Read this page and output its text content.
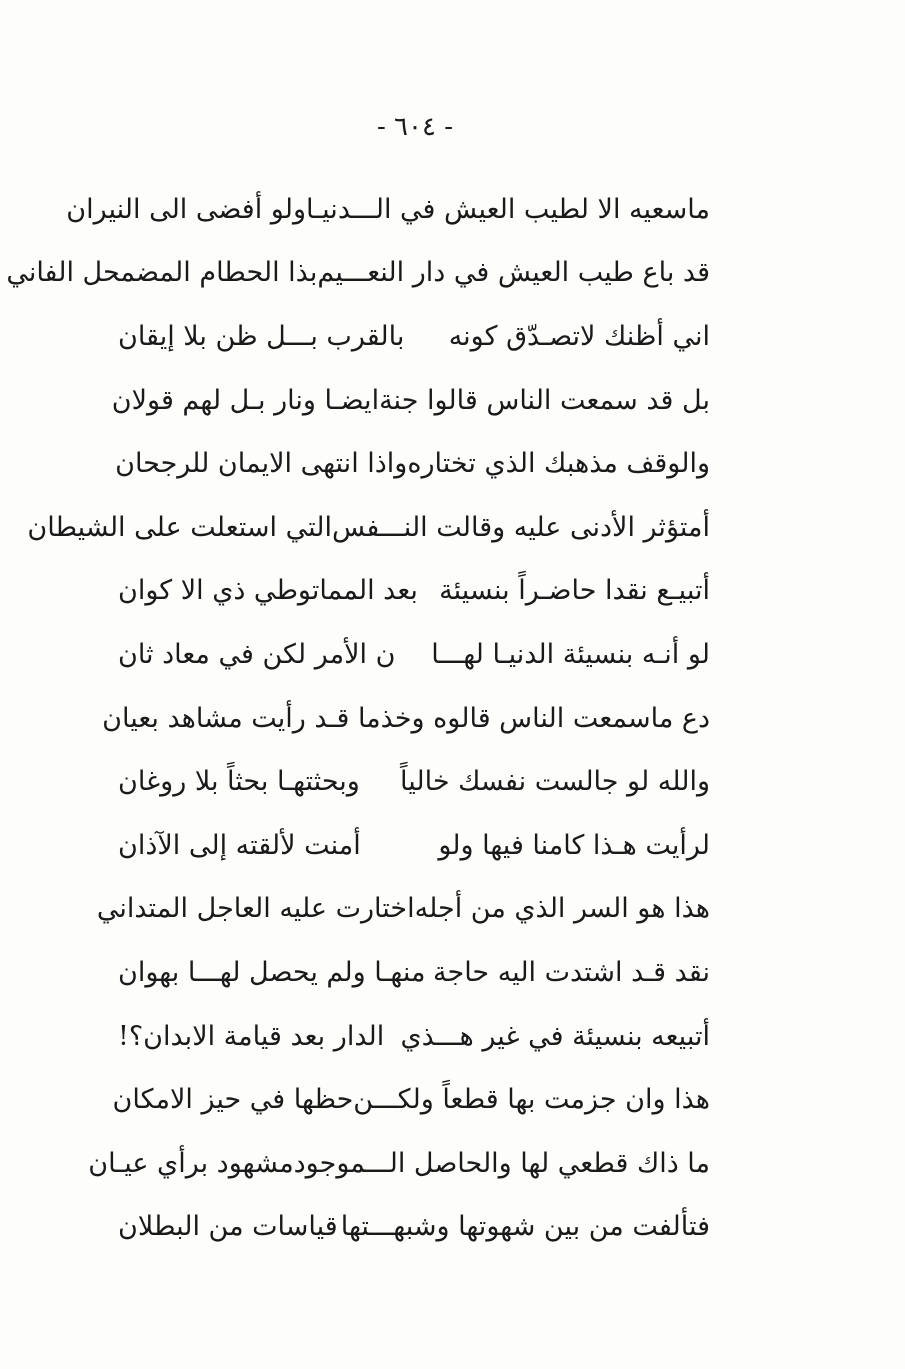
- ٦٠٤ -
ماسعيه الا لطيب العيش في الـــدنيـا
ولو أفضى الى النيران
قد باع طيب العيش في دار النعـــيم
بذا الحطام المضمحل الفاني
اني أظنك لاتصـدّق كونه
بالقرب بـــل ظن بلا إيقان
بل قد سمعت الناس قالوا جنة
ايضـا ونار بـل لهم قولان
والوقف مذهبك الذي تختاره
واذا انتهى الايمان للرجحان
أمتؤثر الأدنى عليه وقالت النـــفس
التي استعلت على الشيطان
أتبيـع نقدا حاضـراً بنسيئة
بعد المماتوطي ذي الا كوان
لو أنـه بنسيئة الدنيـا لهـــا
ن الأمر لكن في معاد ثان
دع ماسمعت الناس قالوه وخذ
ما قـد رأيت مشاهد بعيان
والله لو جالست نفسك خالياً
وبحثتهـا بحثاً بلا روغان
لرأيت هـذا كامنا فيها ولو
أمنت لألقته إلى الآذان
هذا هو السر الذي من أجله
اختارت عليه العاجل المتداني
نقد قـد اشتدت اليه حاجة
منهـا ولم يحصل لهـــا بهوان
أتبيعه بنسيئة في غير هـــذي
الدار بعد قيامة الابدان؟!
هذا وان جزمت بها قطعاً ولكـــن
حظها في حيز الامكان
ما ذاك قطعي لها والحاصل الـــموجود
مشهود برأي عيـان
فتألفت من بين شهوتها وشبهـــتها
قياسات من البطلان
